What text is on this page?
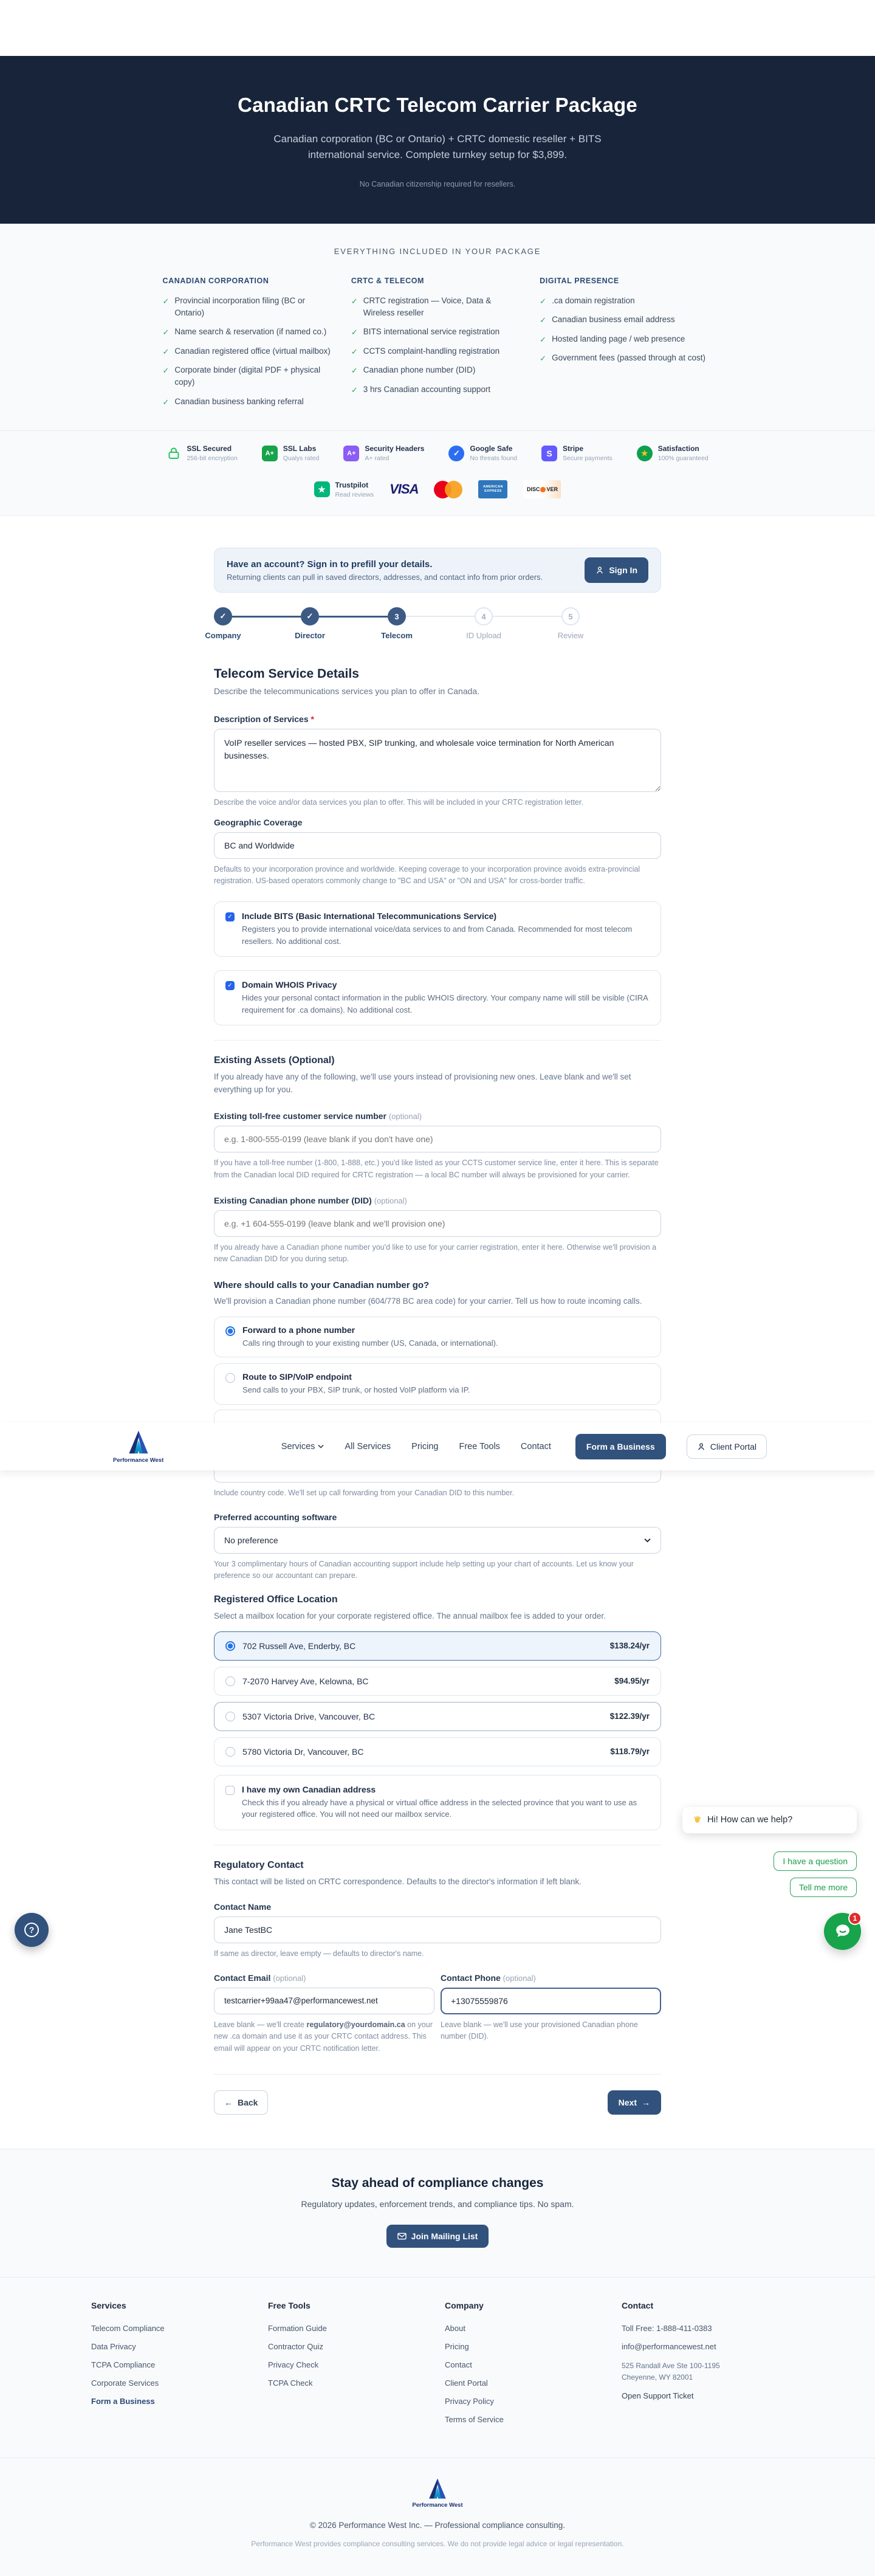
Canadian CRTC Telecom Carrier Package
Canadian corporation (BC or Ontario) + CRTC domestic reseller + BITS international service. Complete turnkey setup for $3,899.
No Canadian citizenship required for resellers.
EVERYTHING INCLUDED IN YOUR PACKAGE
CANADIAN CORPORATION
✓ Provincial incorporation filing (BC or Ontario)
✓ Name search & reservation (if named co.)
✓ Canadian registered office (virtual mailbox)
✓ Corporate binder (digital PDF + physical copy)
✓ Canadian business banking referral
CRTC & TELECOM
✓ CRTC registration — Voice, Data & Wireless reseller
✓ BITS international service registration
✓ CCTS complaint-handling registration
✓ Canadian phone number (DID)
✓ 3 hrs Canadian accounting support
DIGITAL PRESENCE
✓ .ca domain registration
✓ Canadian business email address
✓ Hosted landing page / web presence
✓ Government fees (passed through at cost)
SSL Secured
256-bit encryption
A+
SSL Labs
Qualys rated
A+
Security Headers
A+ rated
✓	Google Safe
No threats found
S	Stripe
Secure payments
★	Satisfaction
100% guaranteed
★	Trustpilot
Read reviews VISA	AMERICAN EXPRESS	DISC VER
Have an account? Sign in to prefill your details.
Returning clients can pull in saved directors, addresses, and contact info from prior orders.
Sign In
✓	✓	3	4	5
Company	Director	Telecom	ID Upload	Review
Telecom Service Details
Describe the telecommunications services you plan to offer in Canada.
Description of Services *
VoIP reseller services — hosted PBX, SIP trunking, and wholesale voice termination for North American businesses.
Describe the voice and/or data services you plan to offer. This will be included in your CRTC registration letter.
Geographic Coverage
BC and Worldwide
Defaults to your incorporation province and worldwide. Keeping coverage to your incorporation province avoids extra-provincial registration. US-based operators commonly change to "BC and USA" or "ON and USA" for cross-border traffic.
✓ Include BITS (Basic International Telecommunications Service)
Registers you to provide international voice/data services to and from Canada. Recommended for most telecom resellers. No additional cost.
✓ Domain WHOIS Privacy
Hides your personal contact information in the public WHOIS directory. Your company name will still be visible (CIRA requirement for .ca domains). No additional cost.
Existing Assets (Optional)
If you already have any of the following, we'll use yours instead of provisioning new ones. Leave blank and we'll set everything up for you.
Existing toll-free customer service number (optional)
e.g. 1-800-555-0199 (leave blank if you don't have one)
If you have a toll-free number (1-800, 1-888, etc.) you'd like listed as your CCTS customer service line, enter it here. This is separate from the Canadian local DID required for CRTC registration — a local BC number will always be provisioned for your carrier.
Existing Canadian phone number (DID) (optional)
e.g. +1 604-555-0199 (leave blank and we'll provision one)
If you already have a Canadian phone number you'd like to use for your carrier registration, enter it here. Otherwise we'll provision a new Canadian DID for you during setup.
Where should calls to your Canadian number go?
We'll provision a Canadian phone number (604/778 BC area code) for your carrier. Tell us how to route incoming calls.
Forward to a phone number
Calls ring through to your existing number (US, Canada, or international).
Route to SIP/VoIP endpoint
Send calls to your PBX, SIP trunk, or hosted VoIP platform via IP.
Performance West
Services	All Services Pricing Free Tools Contact	Form a Business	Client Portal
Include country code. We'll set up call forwarding from your Canadian DID to this number.
Preferred accounting software
No preference
Your 3 complimentary hours of Canadian accounting support include help setting up your chart of accounts. Let us know your preference so our accountant can prepare.
Registered Office Location
Select a mailbox location for your corporate registered office. The annual mailbox fee is added to your order.
702 Russell Ave, Enderby, BC	$138.24/yr
7-2070 Harvey Ave, Kelowna, BC	$94.95/yr
5307 Victoria Drive, Vancouver, BC	$122.39/yr
5780 Victoria Dr, Vancouver, BC	$118.79/yr
I have my own Canadian address
Check this if you already have a physical or virtual office address in the selected province that you want to use as your registered office. You will not need our mailbox service.
Regulatory Contact
This contact will be listed on CRTC correspondence. Defaults to the director's information if left blank.
Contact Name
Jane TestBC
If same as director, leave empty — defaults to director's name.
Contact Email (optional)
testcarrier+99aa47@performancewest.net
Leave blank — we'll create regulatory@yourdomain.ca on your new .ca domain and use it as your CRTC contact address. This email will appear on your CRTC notification letter.
Contact Phone (optional)
+13075559876
Leave blank — we'll use your provisioned Canadian phone number (DID).
← Back	Next →
Hi! How can we help?
I have a question
Tell me more
1
?
Stay ahead of compliance changes
Regulatory updates, enforcement trends, and compliance tips. No spam.
Join Mailing List
Services
Telecom Compliance
Data Privacy
TCPA Compliance
Corporate Services
Form a Business
Free Tools
Formation Guide
Contractor Quiz
Privacy Check
TCPA Check
Company
About
Pricing
Contact
Client Portal
Privacy Policy
Terms of Service
Contact
Toll Free: 1-888-411-0383
info@performancewest.net
525 Randall Ave Ste 100-1195
Cheyenne, WY 82001
Open Support Ticket
Performance West
© 2026 Performance West Inc. — Professional compliance consulting.
Performance West provides compliance consulting services. We do not provide legal advice or legal representation.
